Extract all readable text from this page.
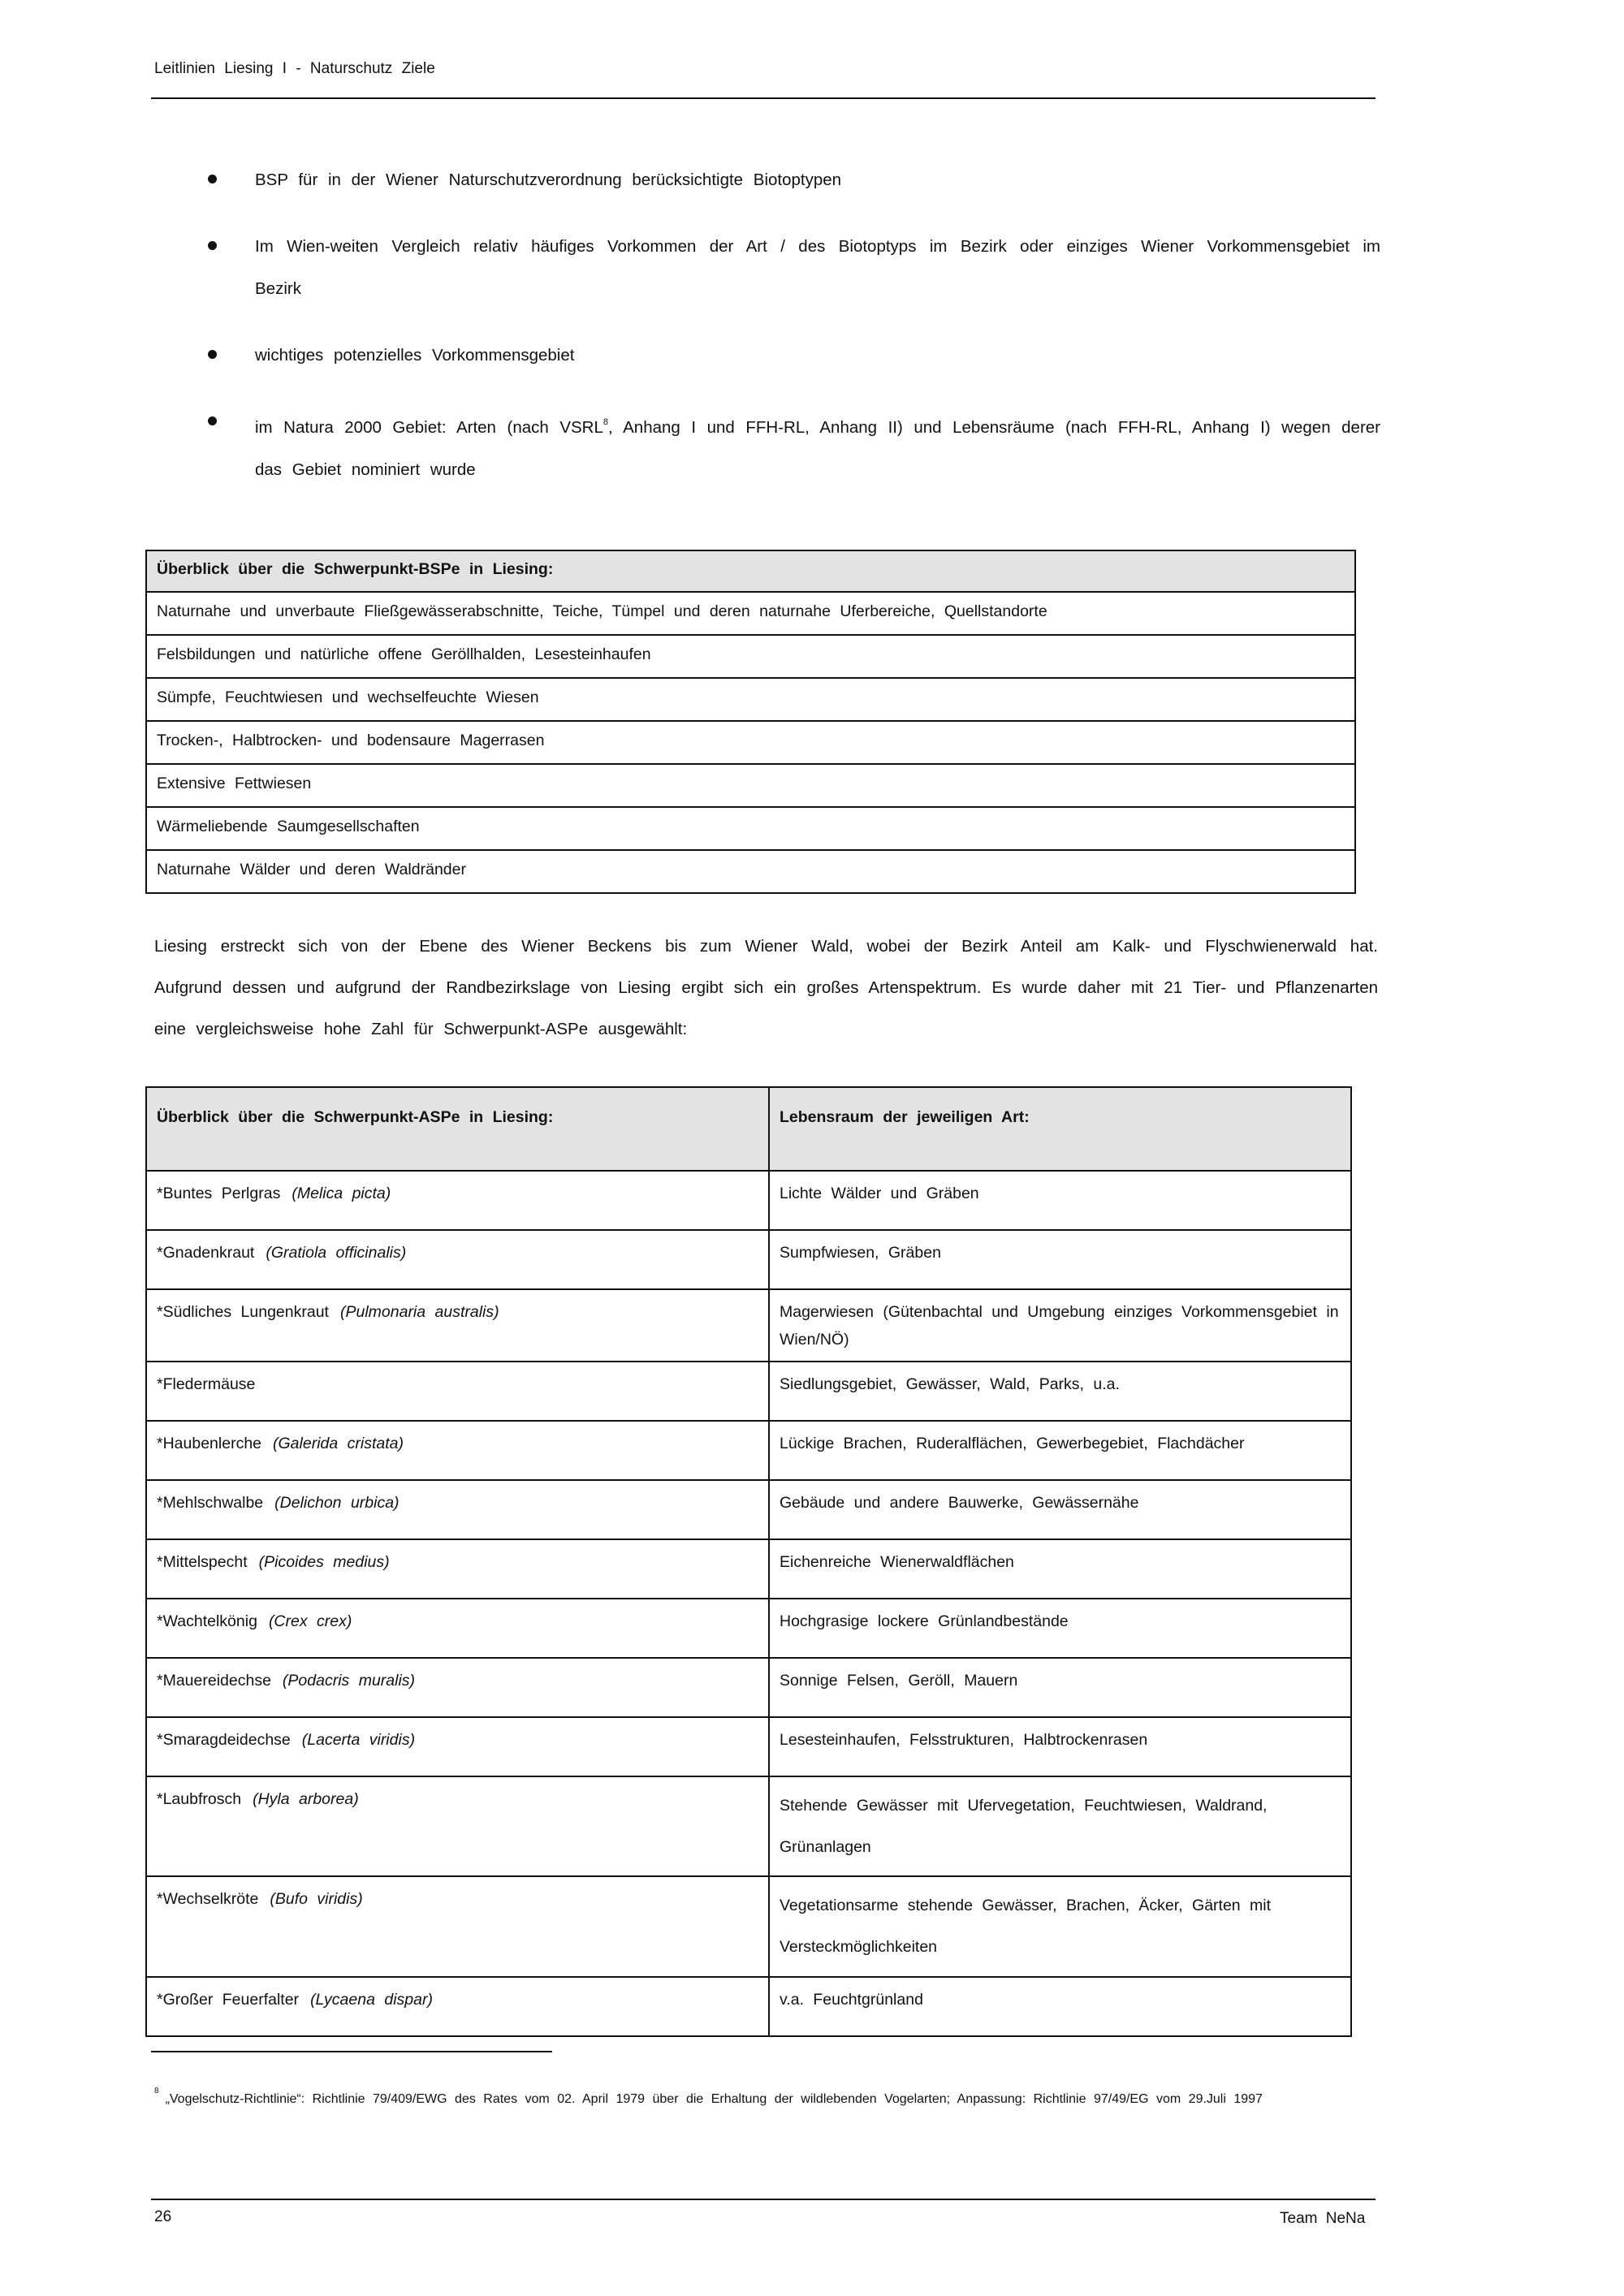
Leitlinien Liesing I - Naturschutz Ziele
BSP für in der Wiener Naturschutzverordnung berücksichtigte Biotoptypen
Im Wien-weiten Vergleich relativ häufiges Vorkommen der Art / des Biotoptyps im Bezirk oder einziges Wiener Vorkommensgebiet im Bezirk
wichtiges potenzielles Vorkommensgebiet
im Natura 2000 Gebiet: Arten (nach VSRL$^8$, Anhang I und FFH-RL, Anhang II) und Lebensräume (nach FFH-RL, Anhang I) wegen derer das Gebiet nominiert wurde
Überblick über die Schwerpunkt-BSPe in Liesing:
Naturnahe und unverbaute Fließgewässerabschnitte, Teiche, Tümpel und deren naturnahe Uferbereiche, Quellstandorte
Felsbildungen und natürliche offene Geröllhalden, Lesesteinhaufen
Sümpfe, Feuchtwiesen und wechselfeuchte Wiesen
Trocken-, Halbtrocken- und bodensaure Magerrasen
Extensive Fettwiesen
Wärmeliebende Saumgesellschaften
Naturnahe Wälder und deren Waldränder

Liesing erstreckt sich von der Ebene des Wiener Beckens bis zum Wiener Wald, wobei der Bezirk Anteil am Kalk- und Flyschwienerwald hat. Aufgrund dessen und aufgrund der Randbezirkslage von Liesing ergibt sich ein großes Artenspektrum. Es wurde daher mit 21 Tier- und Pflanzenarten eine vergleichsweise hohe Zahl für Schwerpunkt-ASPe ausgewählt:

Überblick über die Schwerpunkt-ASPe in Liesing:	Lebensraum der jeweiligen Art:
*Buntes Perlgras (Melica picta)	Lichte Wälder und Gräben
*Gnadenkraut (Gratiola officinalis)	Sumpfwiesen, Gräben
*Südliches Lungenkraut (Pulmonaria australis)	Magerwiesen (Gütenbachtal und Umgebung einziges Vorkommensgebiet in Wien/NÖ)
*Fledermäuse	Siedlungsgebiet, Gewässer, Wald, Parks, u.a.
*Haubenlerche (Galerida cristata)	Lückige Brachen, Ruderalflächen, Gewerbegebiet, Flachdächer
*Mehlschwalbe (Delichon urbica)	Gebäude und andere Bauwerke, Gewässernähe
*Mittelspecht (Picoides medius)	Eichenreiche Wienerwaldflächen
*Wachtelkönig (Crex crex)	Hochgrasige lockere Grünlandbestände
*Mauereidechse (Podacris muralis)	Sonnige Felsen, Geröll, Mauern
*Smaragdeidechse (Lacerta viridis)	Lesesteinhaufen, Felsstrukturen, Halbtrockenrasen
*Laubfrosch (Hyla arborea)	Stehende Gewässer mit Ufervegetation, Feuchtwiesen, Waldrand, Grünanlagen
*Wechselkröte (Bufo viridis)	Vegetationsarme stehende Gewässer, Brachen, Äcker, Gärten mit Versteckmöglichkeiten
*Großer Feuerfalter (Lycaena dispar)	v.a. Feuchtgrünland

$^8$„Vogelschutz-Richtlinie“: Richtlinie 79/409/EWG des Rates vom 02. April 1979 über die Erhaltung der wildlebenden Vogelarten; Anpassung: Richtlinie 97/49/EG vom 29.Juli 1997

26	Team NeNa
